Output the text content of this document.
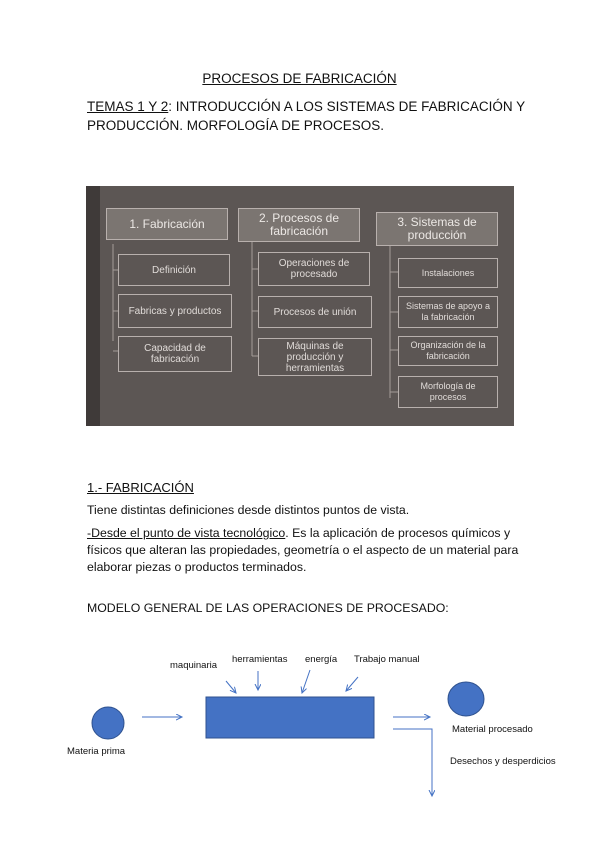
PROCESOS DE FABRICACIÓN
TEMAS 1 Y 2: INTRODUCCIÓN A LOS SISTEMAS DE FABRICACIÓN Y PRODUCCIÓN. MORFOLOGÍA DE PROCESOS.
1. Fabricación	2. Procesos de fabricación
3. Sistemas de producción
Definición
Fabricas y productos
Capacidad de fabricación
Operaciones de procesado
Procesos de unión
Máquinas de producción y herramientas
Instalaciones
Sistemas de apoyo a la fabricación
Organización de la fabricación
Morfología de procesos
1.- FABRICACIÓN
Tiene distintas definiciones desde distintos puntos de vista.
-Desde el punto de vista tecnológico. Es la aplicación de procesos químicos y físicos que alteran las propiedades, geometría o el aspecto de un material para elaborar piezas o productos terminados.
MODELO GENERAL DE LAS OPERACIONES DE PROCESADO:
maquinaria
herramientas energía Trabajo manual
Materia prima
Material procesado
Desechos y desperdicios
